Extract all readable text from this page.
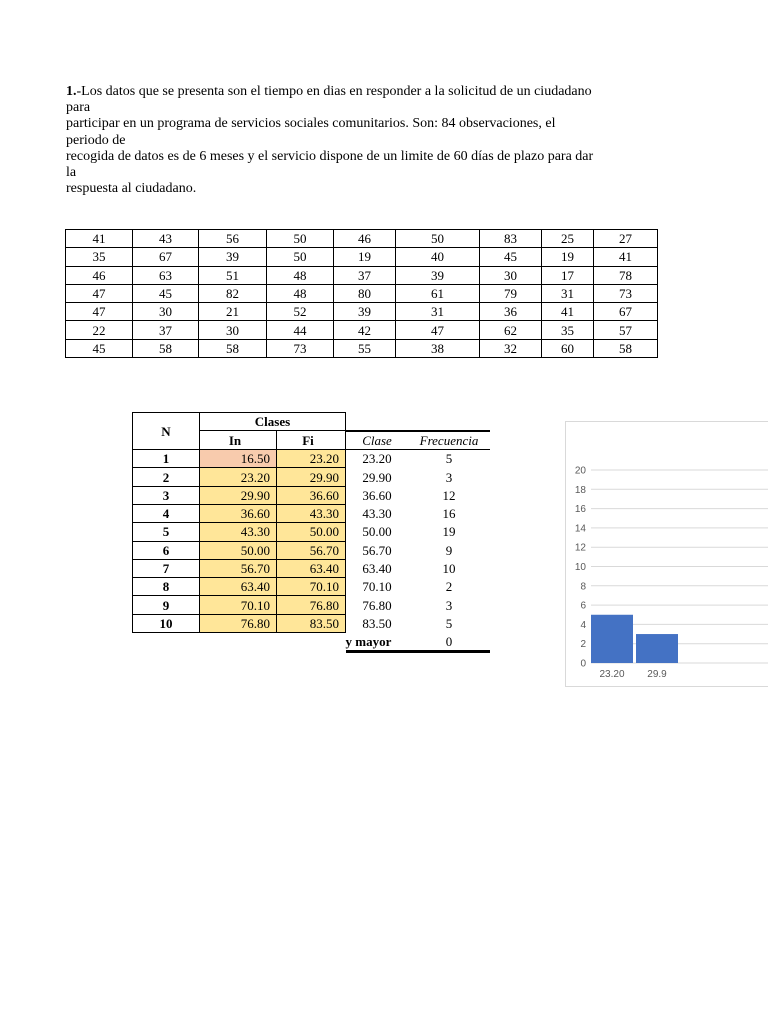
1.-Los datos que se presenta son el tiempo en dias en responder a la solicitud de un ciudadano
para
participar en un programa de servicios sociales comunitarios. Son: 84 observaciones, el
periodo de
recogida de datos es de 6 meses y el servicio dispone de un limite de 60 días de plazo para dar
la
respuesta al ciudadano.
41	43	56	50	46	50	83	25	27
35	67	39	50	19	40	45	19	41
46	63	51	48	37	39	30	17	78
47	45	82	48	80	61	79	31	73
47	30	21	52	39	31	36	41	67
22	37	30	44	42	47	62	35	57
45	58	58	73	55	38	32	60	58
N	Clases			
	In	Fi	Clase	Frecuencia
1	16.50	23.20	23.20	5
2	23.20	29.90	29.90	3
3	29.90	36.60	36.60	12
4	36.60	43.30	43.30	16
5	43.30	50.00	50.00	19
6	50.00	56.70	56.70	9
7	56.70	63.40	63.40	10
8	63.40	70.10	70.10	2
9	70.10	76.80	76.80	3
10	76.80	83.50	83.50	5
			y mayor	0
0
2
4
6
8
10
12
14
16
18
20
23.20 29.9
